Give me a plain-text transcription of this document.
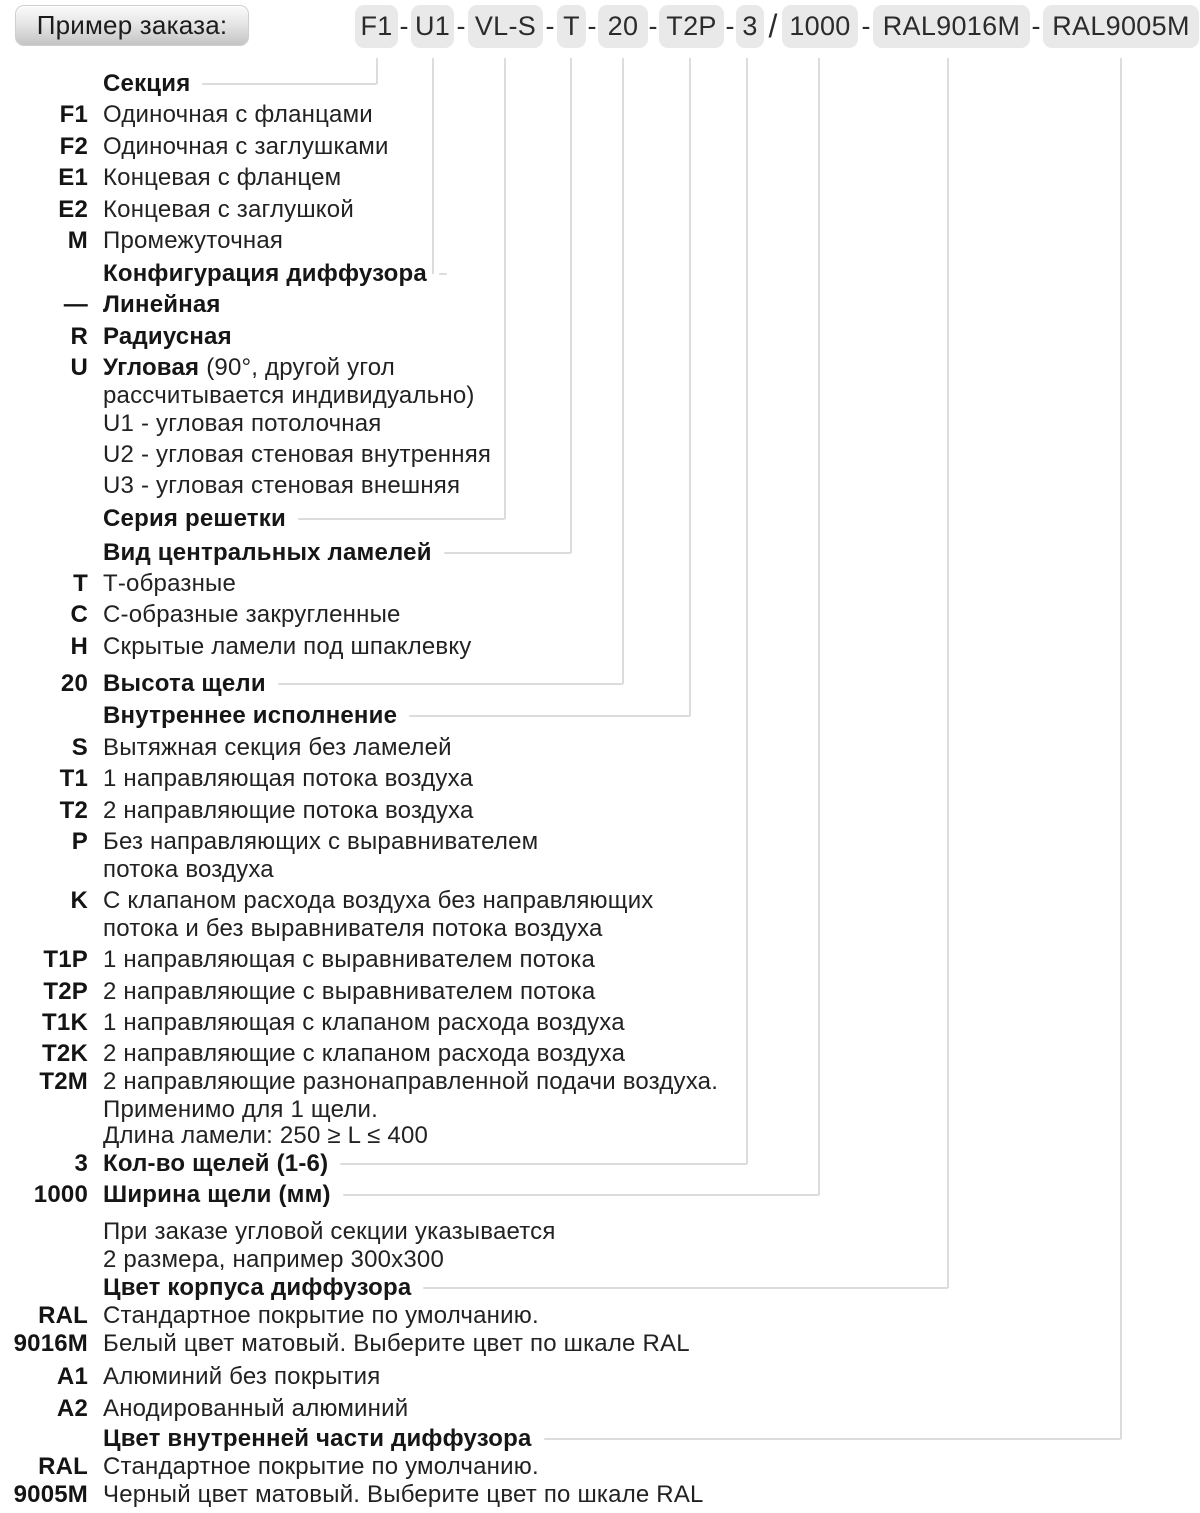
Пример заказа:	F1 U1 VL-S T 20 T2P 3 1000 RAL9016M RAL9005M
- -	- - -	- /	-	-
Секция
F1 Одиночная с фланцами
F2 Одиночная с заглушками
E1 Концевая с фланцем
E2 Концевая с заглушкой
M Промежуточная
Конфигурация диффузора
— Линейная
R Радиусная
U Угловая (90°, другой угол
рассчитывается индивидуально)
U1 - угловая потолочная
U2 - угловая стеновая внутренняя
U3 - угловая стеновая внешняя
Серия решетки
Вид центральных ламелей
T Т-образные
C С-образные закругленные
H Скрытые ламели под шпаклевку
20 Высота щели
Внутреннее исполнение
S Вытяжная секция без ламелей
T1 1 направляющая потока воздуха
T2 2 направляющие потока воздуха
P Без направляющих с выравнивателем
потока воздуха
K С клапаном расхода воздуха без направляющих
потока и без выравнивателя потока воздуха
T1P 1 направляющая с выравнивателем потока
T2P 2 направляющие с выравнивателем потока
T1K 1 направляющая с клапаном расхода воздуха
T2K 2 направляющие с клапаном расхода воздуха
T2M 2 направляющие разнонаправленной подачи воздуха.
Применимо для 1 щели.
Длина ламели: 250 ≥ L ≤ 400
3 Кол-во щелей (1-6)
1000 Ширина щели (мм)
При заказе угловой секции указывается
2 размера, например 300x300
Цвет корпуса диффузора
RAL Стандартное покрытие по умолчанию.
9016M Белый цвет матовый. Выберите цвет по шкале RAL
A1 Алюминий без покрытия
A2 Анодированный алюминий
Цвет внутренней части диффузора
RAL Стандартное покрытие по умолчанию.
9005M Черный цвет матовый. Выберите цвет по шкале RAL
